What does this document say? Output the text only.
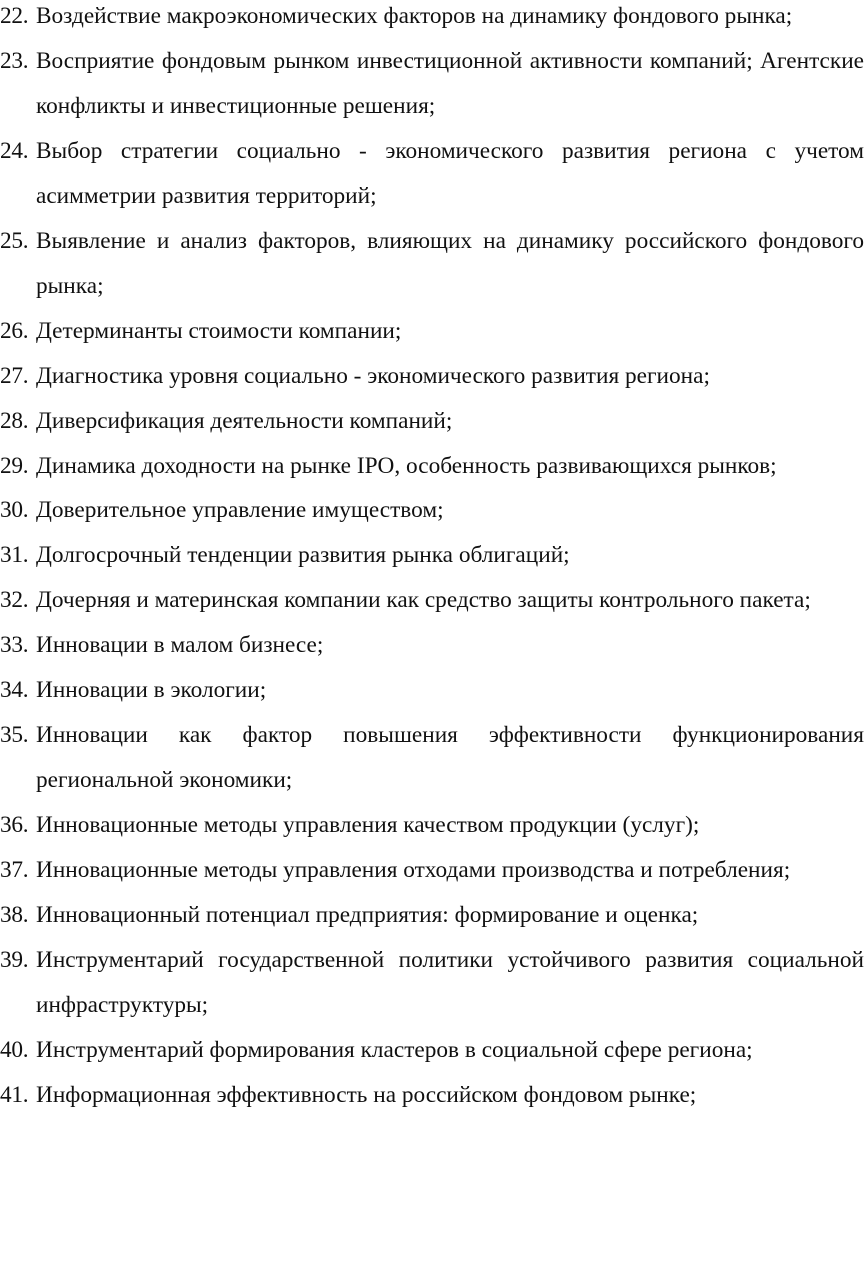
22. Воздействие макроэкономических факторов на динамику фондового рынка;
23. Восприятие фондовым рынком инвестиционной активности компаний; Агентские конфликты и инвестиционные решения;
24. Выбор стратегии социально - экономического развития региона с учетом асимметрии развития территорий;
25. Выявление и анализ факторов, влияющих на динамику российского фондового рынка;
26. Детерминанты стоимости компании;
27. Диагностика уровня социально - экономического развития региона;
28. Диверсификация деятельности компаний;
29. Динамика доходности на рынке IPO, особенность развивающихся рынков;
30. Доверительное управление имуществом;
31. Долгосрочный тенденции развития рынка облигаций;
32. Дочерняя и материнская компании как средство защиты контрольного пакета;
33. Инновации в малом бизнесе;
34. Инновации в экологии;
35. Инновации как фактор повышения эффективности функционирования региональной экономики;
36. Инновационные методы управления качеством продукции (услуг);
37. Инновационные методы управления отходами производства и потребления;
38. Инновационный потенциал предприятия: формирование и оценка;
39. Инструментарий государственной политики устойчивого развития социальной инфраструктуры;
40. Инструментарий формирования кластеров в социальной сфере региона;
41. Информационная эффективность на российском фондовом рынке;
